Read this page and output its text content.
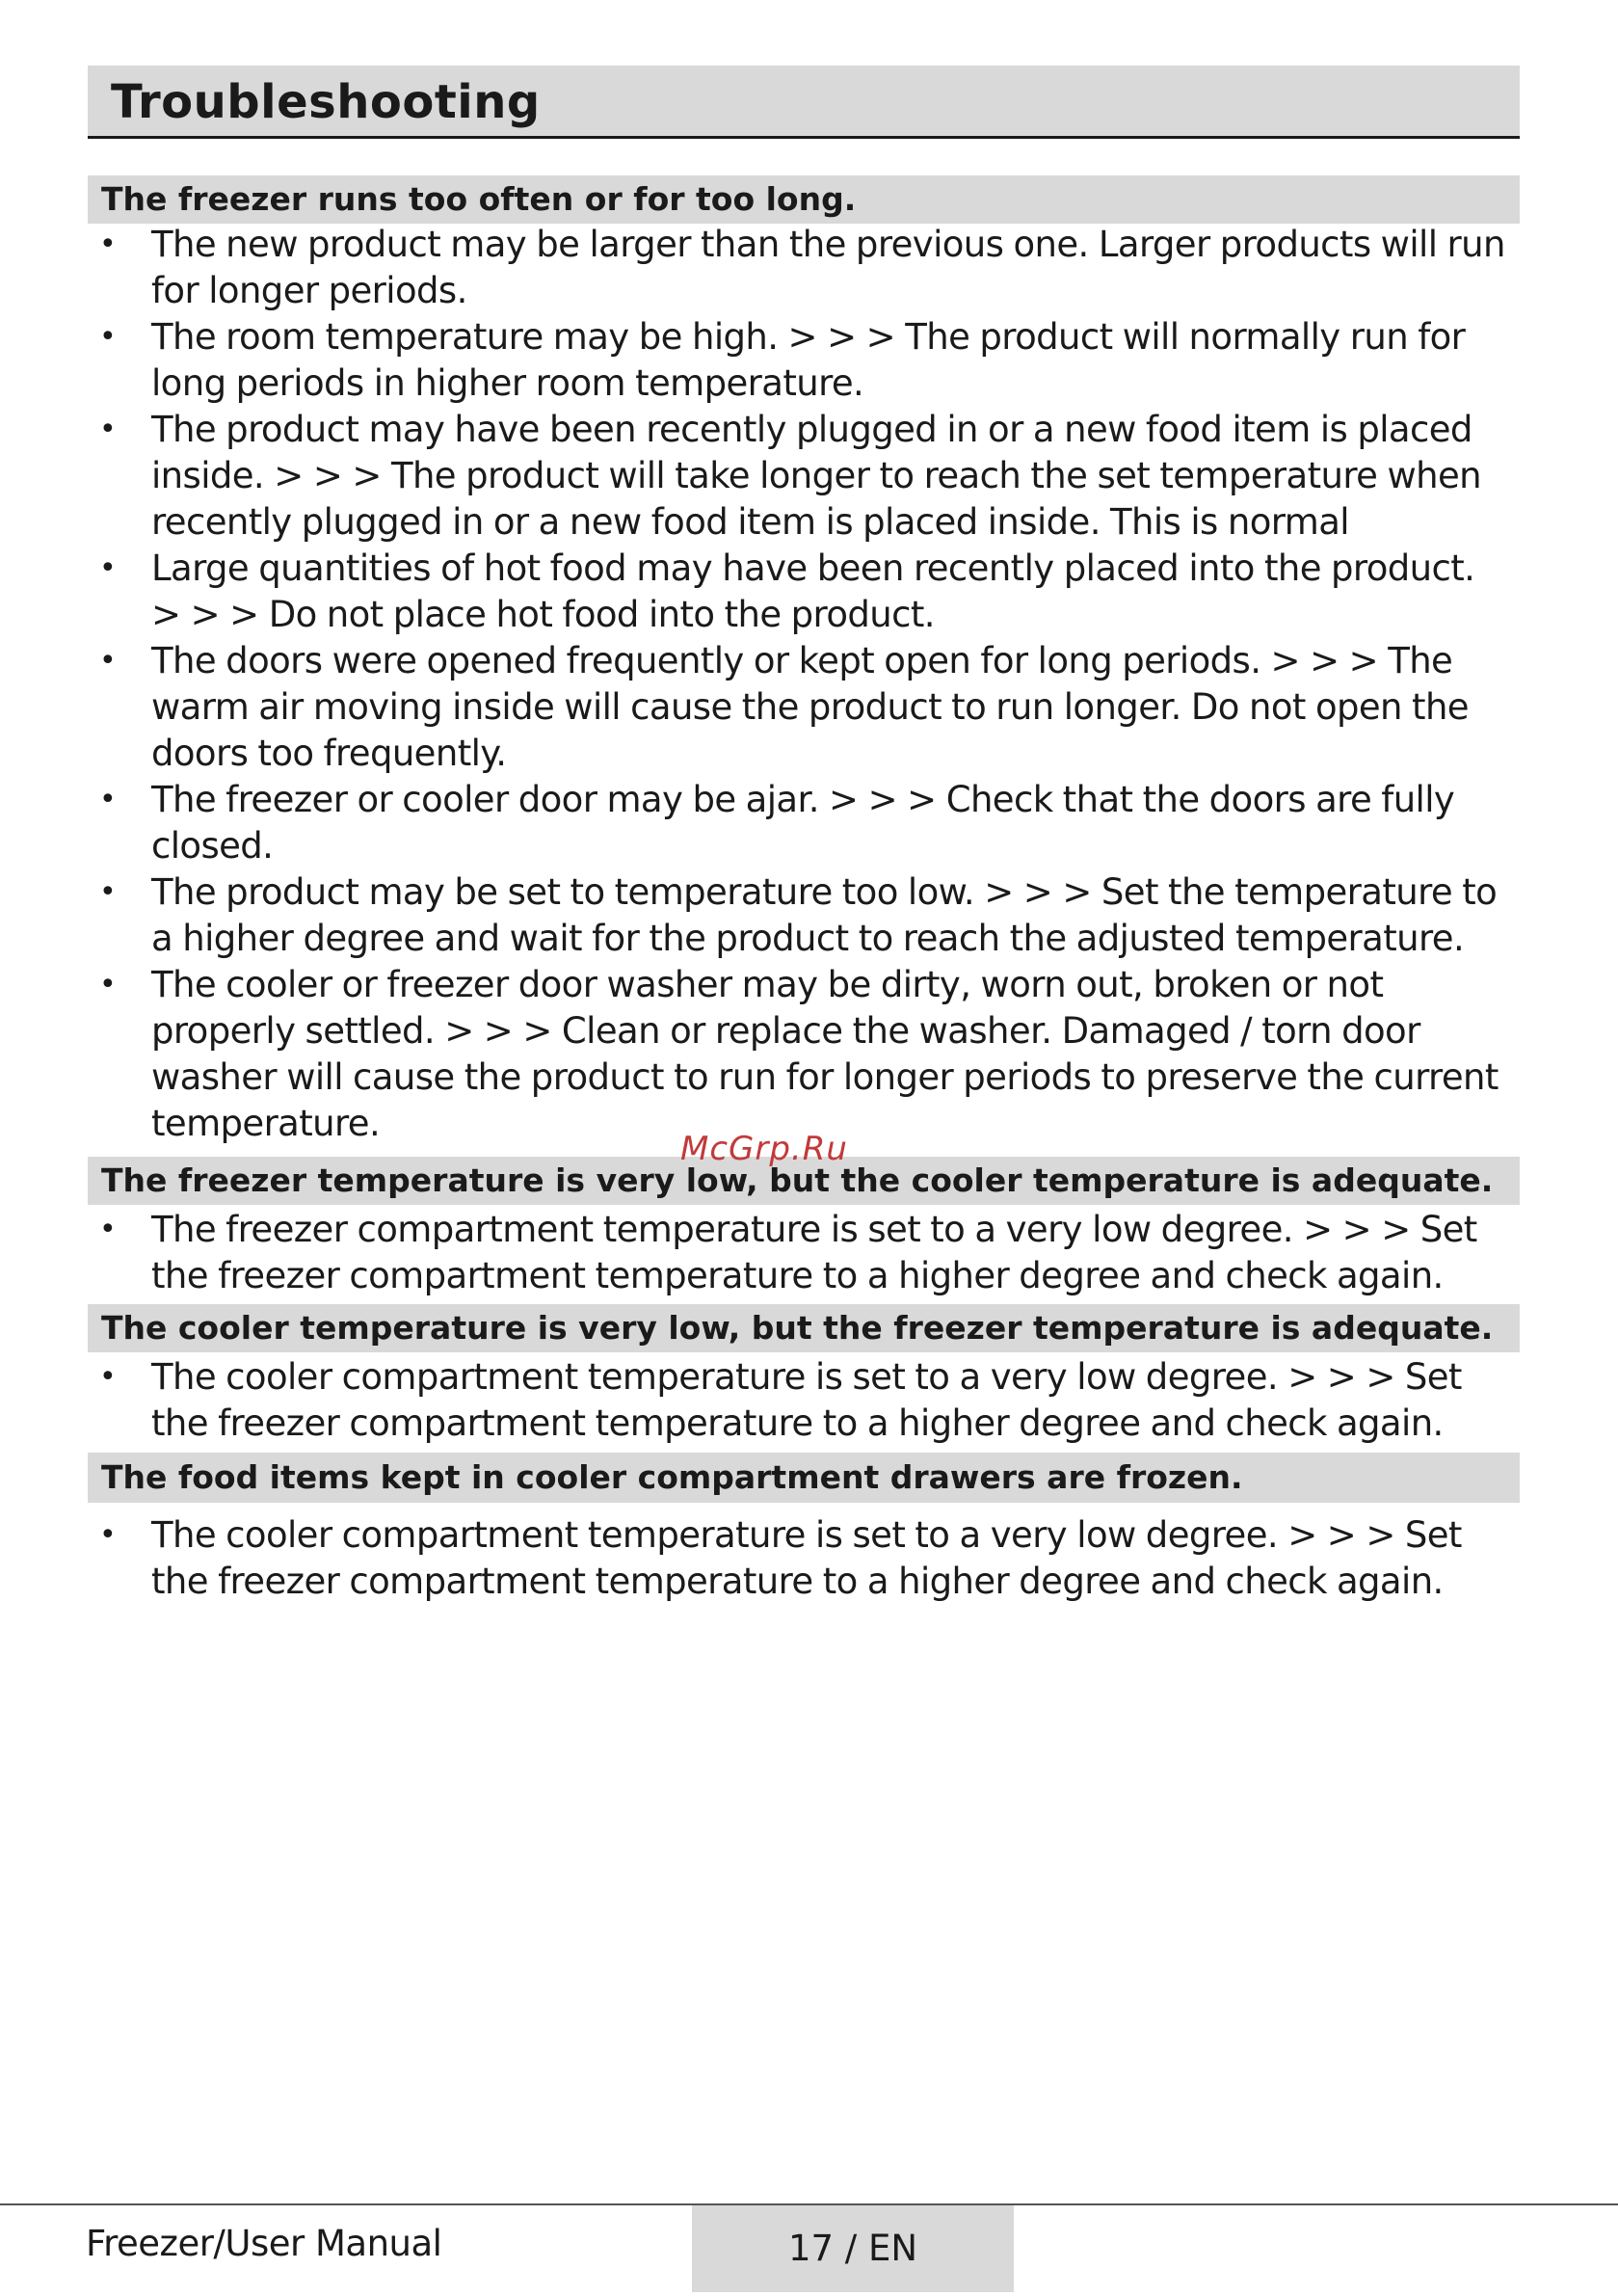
Troubleshooting
The freezer runs too often or for too long.
• The new product may be larger than the previous one. Larger products will run for longer periods.
• The room temperature may be high. > > > The product will normally run for long periods in higher room temperature.
• The product may have been recently plugged in or a new food item is placed inside. > > > The product will take longer to reach the set temperature when recently plugged in or a new food item is placed inside. This is normal
• Large quantities of hot food may have been recently placed into the product. > > > Do not place hot food into the product.
• The doors were opened frequently or kept open for long periods. > > > The warm air moving inside will cause the product to run longer. Do not open the doors too frequently.
• The freezer or cooler door may be ajar. > > > Check that the doors are fully closed.
• The product may be set to temperature too low. > > > Set the temperature to a higher degree and wait for the product to reach the adjusted temperature.
• The cooler or freezer door washer may be dirty, worn out, broken or not properly settled. > > > Clean or replace the washer. Damaged / torn door washer will cause the product to run for longer periods to preserve the current temperature.
The freezer temperature is very low, but the cooler temperature is adequate.
• The freezer compartment temperature is set to a very low degree. > > > Set the freezer compartment temperature to a higher degree and check again.
The cooler temperature is very low, but the freezer temperature is adequate.
• The cooler compartment temperature is set to a very low degree. > > > Set the freezer compartment temperature to a higher degree and check again.
The food items kept in cooler compartment drawers are frozen.
• The cooler compartment temperature is set to a very low degree. > > > Set the freezer compartment temperature to a higher degree and check again.
McGrp.Ru
Freezer/User Manual	17 / EN
